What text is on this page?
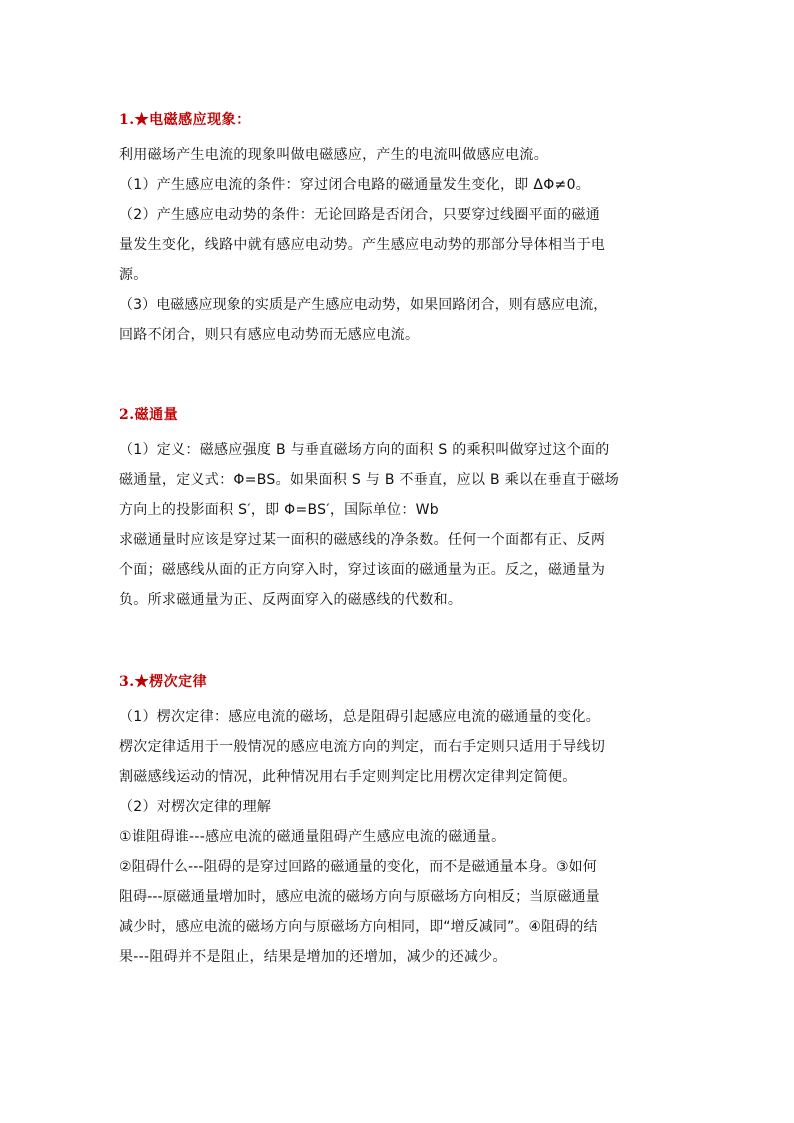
1.★电磁感应现象：

利用磁场产生电流的现象叫做电磁感应，产生的电流叫做感应电流。

（1）产生感应电流的条件：穿过闭合电路的磁通量发生变化，即 ΔΦ≠0。

（2）产生感应电动势的条件：无论回路是否闭合，只要穿过线圈平面的磁通

量发生变化，线路中就有感应电动势。产生感应电动势的那部分导体相当于电

源。

（3）电磁感应现象的实质是产生感应电动势，如果回路闭合，则有感应电流，

回路不闭合，则只有感应电动势而无感应电流。

2.磁通量

（1）定义：磁感应强度 B 与垂直磁场方向的面积 S 的乘积叫做穿过这个面的

磁通量，定义式：Φ=BS。如果面积 S 与 B 不垂直，应以 B 乘以在垂直于磁场

方向上的投影面积 S′，即 Φ=BS′，国际单位：Wb

求磁通量时应该是穿过某一面积的磁感线的净条数。任何一个面都有正、反两

个面；磁感线从面的正方向穿入时，穿过该面的磁通量为正。反之，磁通量为

负。所求磁通量为正、反两面穿入的磁感线的代数和。

3.★楞次定律

（1）楞次定律：感应电流的磁场，总是阻碍引起感应电流的磁通量的变化。

楞次定律适用于一般情况的感应电流方向的判定，而右手定则只适用于导线切

割磁感线运动的情况，此种情况用右手定则判定比用楞次定律判定简便。

（2）对楞次定律的理解

①谁阻碍谁---感应电流的磁通量阻碍产生感应电流的磁通量。

②阻碍什么---阻碍的是穿过回路的磁通量的变化，而不是磁通量本身。③如何

阻碍---原磁通量增加时，感应电流的磁场方向与原磁场方向相反；当原磁通量

减少时，感应电流的磁场方向与原磁场方向相同，即“增反减同”。④阻碍的结

果---阻碍并不是阻止，结果是增加的还增加，减少的还减少。
